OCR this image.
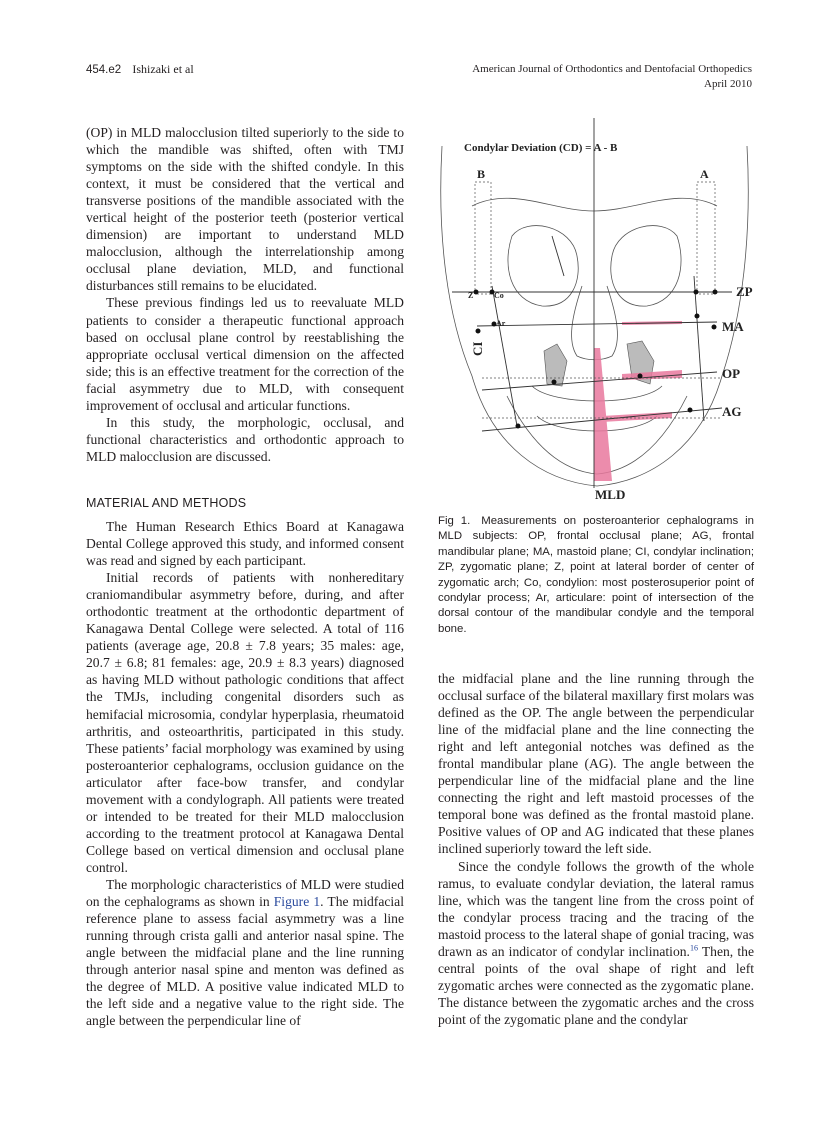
454.e2 Ishizaki et al	American Journal of Orthodontics and Dentofacial Orthopedics
April 2010

(OP) in MLD malocclusion tilted superiorly to the side to which the mandible was shifted, often with TMJ symptoms on the side with the shifted condyle. In this context, it must be considered that the vertical and transverse positions of the mandible associated with the vertical height of the posterior teeth (posterior vertical dimension) are important to understand MLD malocclusion, although the interrelationship among occlusal plane deviation, MLD, and functional disturbances still remains to be elucidated.

These previous findings led us to reevaluate MLD patients to consider a therapeutic functional approach based on occlusal plane control by reestablishing the appropriate occlusal vertical dimension on the affected side; this is an effective treatment for the correction of the facial asymmetry due to MLD, with consequent improvement of occlusal and articular functions.

In this study, the morphologic, occlusal, and functional characteristics and orthodontic approach to MLD malocclusion are discussed.

MATERIAL AND METHODS

The Human Research Ethics Board at Kanagawa Dental College approved this study, and informed consent was read and signed by each participant.

Initial records of patients with nonhereditary craniomandibular asymmetry before, during, and after orthodontic treatment at the orthodontic department of Kanagawa Dental College were selected. A total of 116 patients (average age, 20.8 ± 7.8 years; 35 males: age, 20.7 ± 6.8; 81 females: age, 20.9 ± 8.3 years) diagnosed as having MLD without pathologic conditions that affect the TMJs, including congenital disorders such as hemifacial microsomia, condylar hyperplasia, rheumatoid arthritis, and osteoarthritis, participated in this study. These patients’ facial morphology was examined by using posteroanterior cephalograms, occlusion guidance on the articulator after face-bow transfer, and condylar movement with a condylograph. All patients were treated or intended to be treated for their MLD malocclusion according to the treatment protocol at Kanagawa Dental College based on vertical dimension and occlusal plane control.

The morphologic characteristics of MLD were studied on the cephalograms as shown in Figure 1. The midfacial reference plane to assess facial asymmetry was a line running through crista galli and anterior nasal spine. The angle between the midfacial plane and the line running through anterior nasal spine and menton was defined as the degree of MLD. A positive value indicated MLD to the left side and a negative value to the right side. The angle between the perpendicular line of

Condylar Deviation (CD) = A - B
B	A
ZP
MA
OP
AG
MLD
Z	Co
Ar
CI
Fig 1. Measurements on posteroanterior cephalograms in MLD subjects: OP, frontal occlusal plane; AG, frontal mandibular plane; MA, mastoid plane; CI, condylar inclination; ZP, zygomatic plane; Z, point at lateral border of center of zygomatic arch; Co, condylion: most posterosuperior point of condylar process; Ar, articulare: point of intersection of the dorsal contour of the mandibular condyle and the temporal bone.

the midfacial plane and the line running through the occlusal surface of the bilateral maxillary first molars was defined as the OP. The angle between the perpendicular line of the midfacial plane and the line connecting the right and left antegonial notches was defined as the frontal mandibular plane (AG). The angle between the perpendicular line of the midfacial plane and the line connecting the right and left mastoid processes of the temporal bone was defined as the frontal mastoid plane. Positive values of OP and AG indicated that these planes inclined superiorly toward the left side.

Since the condyle follows the growth of the whole ramus, to evaluate condylar deviation, the lateral ramus line, which was the tangent line from the cross point of the condylar process tracing and the tracing of the mastoid process to the lateral shape of gonial tracing, was drawn as an indicator of condylar inclination.$^{16}$ Then, the central points of the oval shape of right and left zygomatic arches were connected as the zygomatic plane. The distance between the zygomatic arches and the cross point of the zygomatic plane and the condylar
